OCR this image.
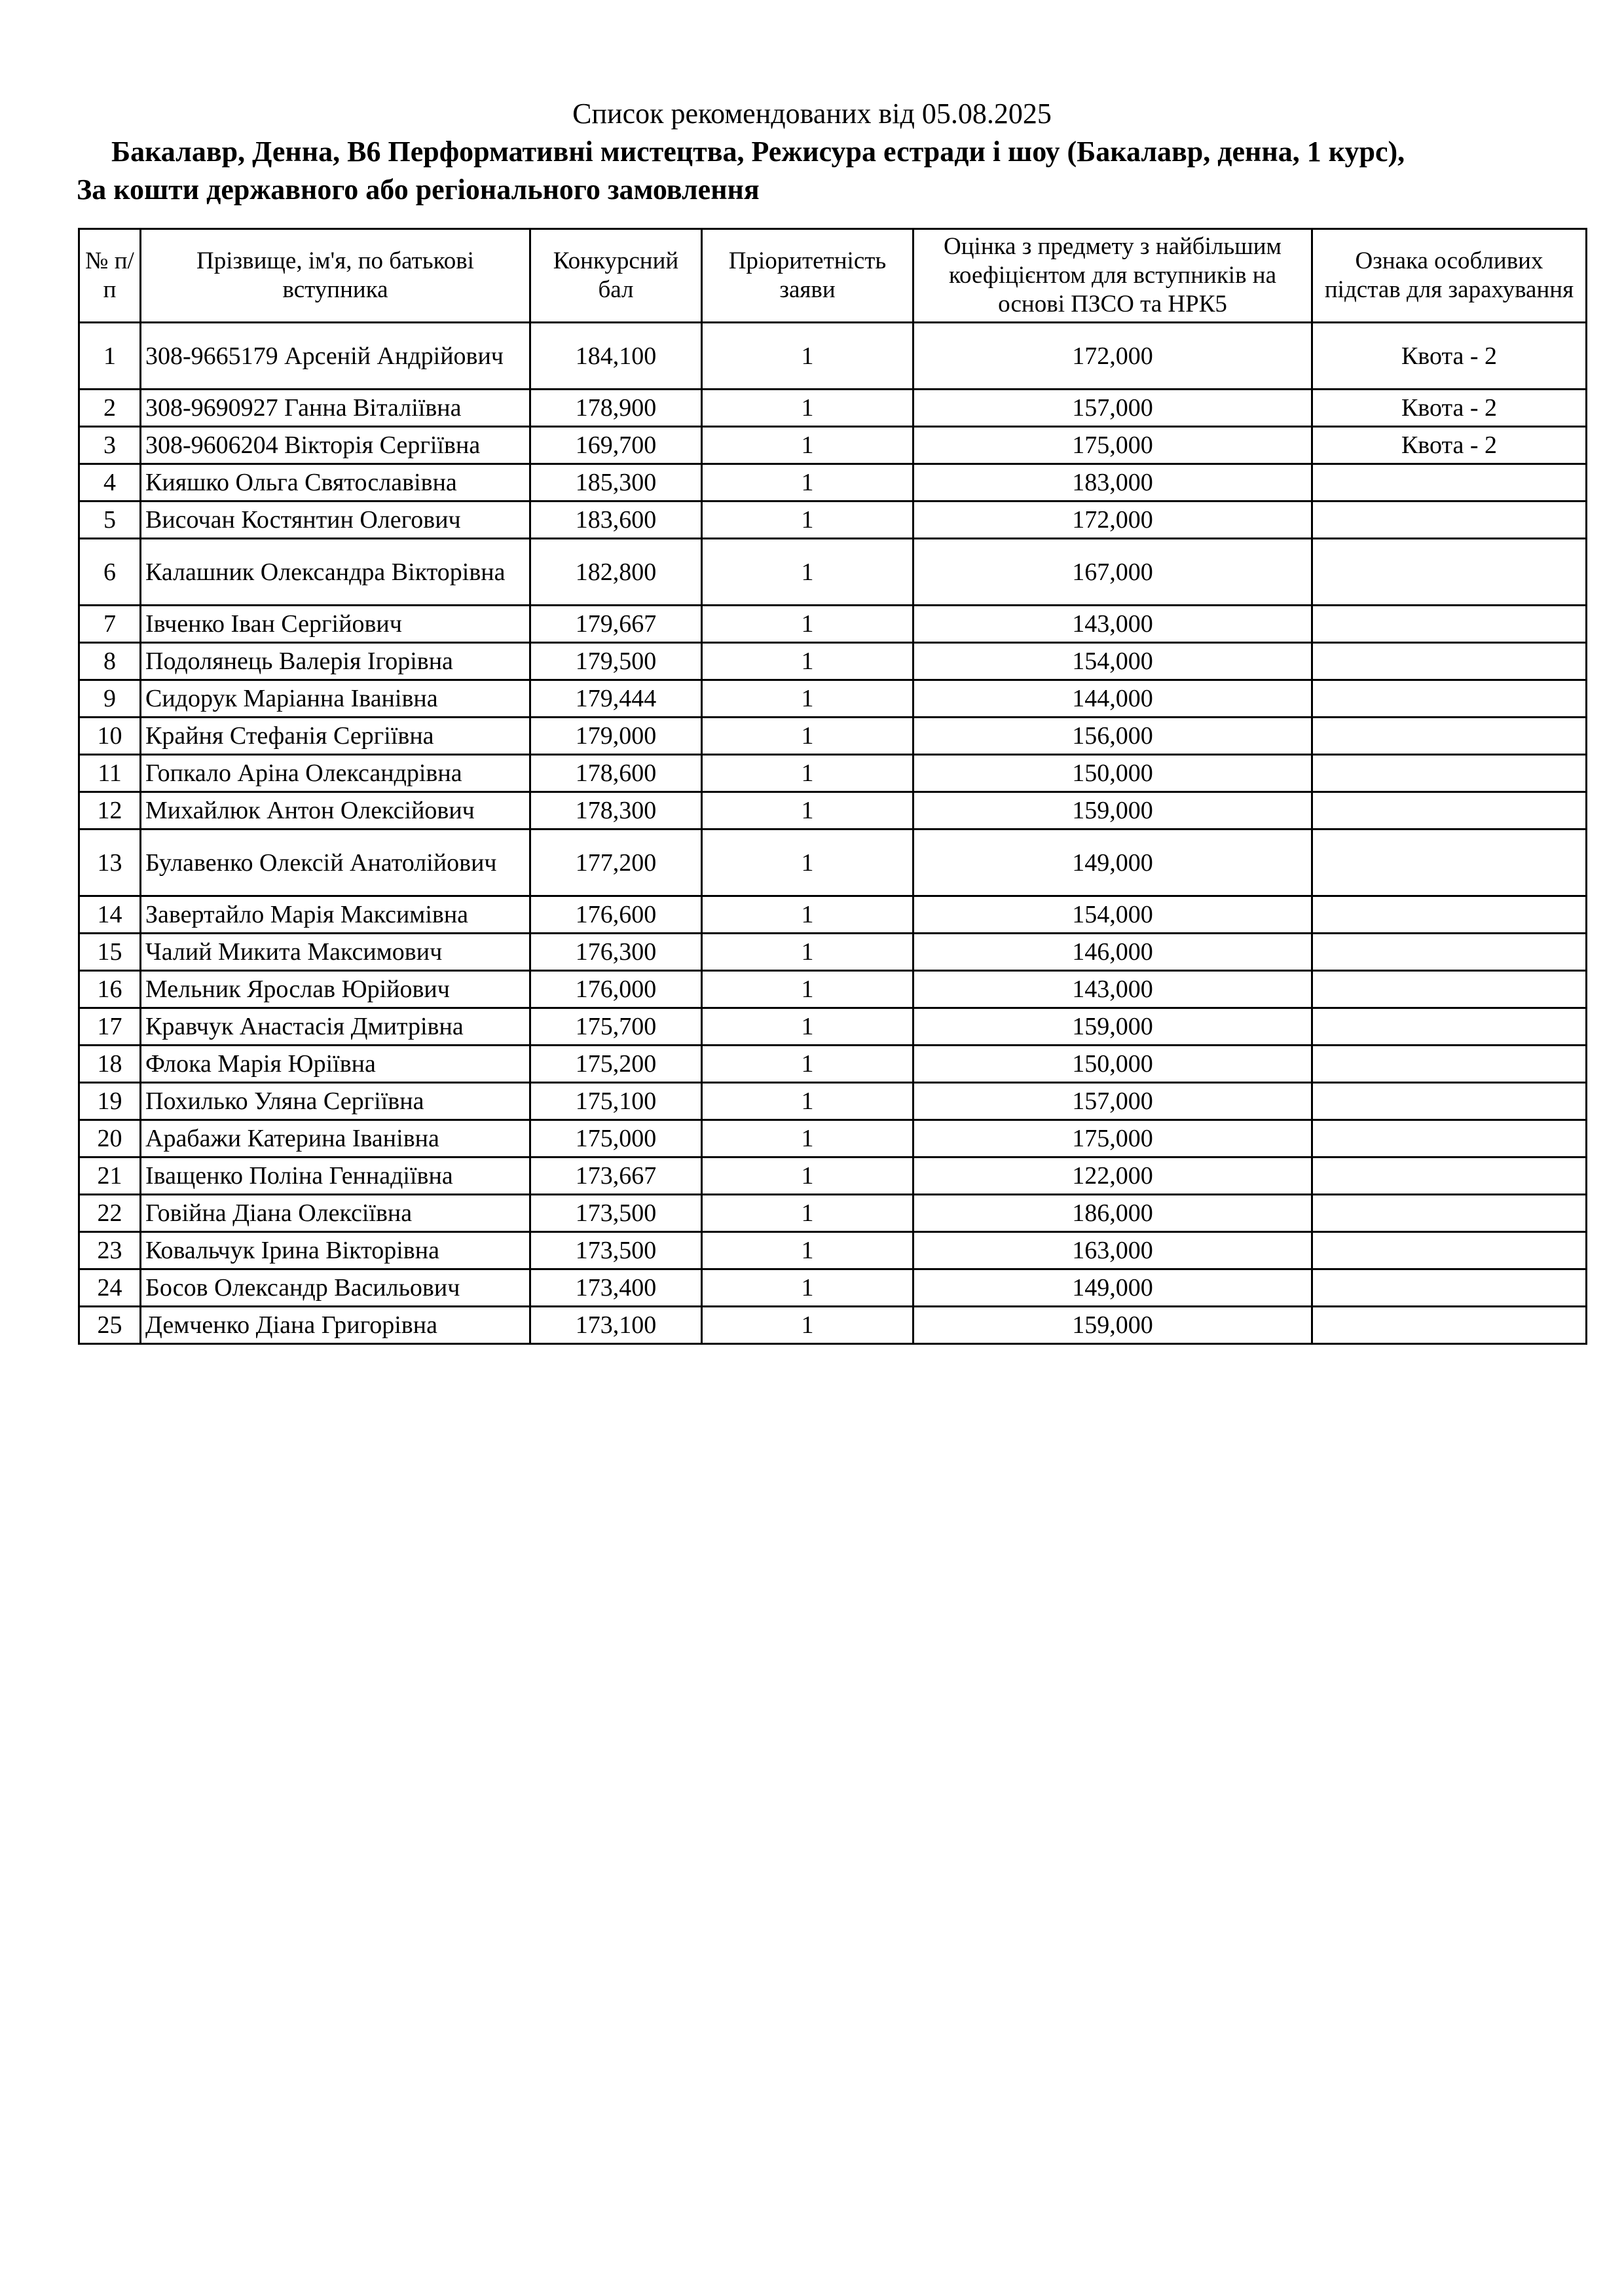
Список рекомендованих від 05.08.2025
Бакалавр, Денна, B6 Перформативні мистецтва, Режисура естради і шоу (Бакалавр, денна, 1 курс),
За кошти державного або регіонального замовлення
№ п/п	Прізвище, ім'я, по батькові вступника	Конкурсний бал	Пріоритетність заяви	Оцінка з предмету з найбільшим коефіцієнтом для вступників на основі ПЗСО та НРК5	Ознака особливих підстав для зарахування
1	308-9665179 Арсеній Андрійович	184,100	1	172,000	Квота - 2
2	308-9690927 Ганна Віталіївна	178,900	1	157,000	Квота - 2
3	308-9606204 Вікторія Сергіївна	169,700	1	175,000	Квота - 2
4	Кияшко Ольга Святославівна	185,300	1	183,000	
5	Височан Костянтин Олегович	183,600	1	172,000	
6	Калашник Олександра Вікторівна	182,800	1	167,000	
7	Івченко Іван Сергійович	179,667	1	143,000	
8	Подолянець Валерія Ігорівна	179,500	1	154,000	
9	Сидорук Маріанна Іванівна	179,444	1	144,000	
10	Крайня Стефанія Сергіївна	179,000	1	156,000	
11	Гопкало Аріна Олександрівна	178,600	1	150,000	
12	Михайлюк Антон Олексійович	178,300	1	159,000	
13	Булавенко Олексій Анатолійович	177,200	1	149,000	
14	Завертайло Марія Максимівна	176,600	1	154,000	
15	Чалий Микита Максимович	176,300	1	146,000	
16	Мельник Ярослав Юрійович	176,000	1	143,000	
17	Кравчук Анастасія Дмитрівна	175,700	1	159,000	
18	Флока Марія Юріївна	175,200	1	150,000	
19	Похилько Уляна Сергіївна	175,100	1	157,000	
20	Арабажи Катерина Іванівна	175,000	1	175,000	
21	Іващенко Поліна Геннадіївна	173,667	1	122,000	
22	Говійна Діана Олексіївна	173,500	1	186,000	
23	Ковальчук Ірина Вікторівна	173,500	1	163,000	
24	Босов Олександр Васильович	173,400	1	149,000	
25	Демченко Діана Григорівна	173,100	1	159,000	
